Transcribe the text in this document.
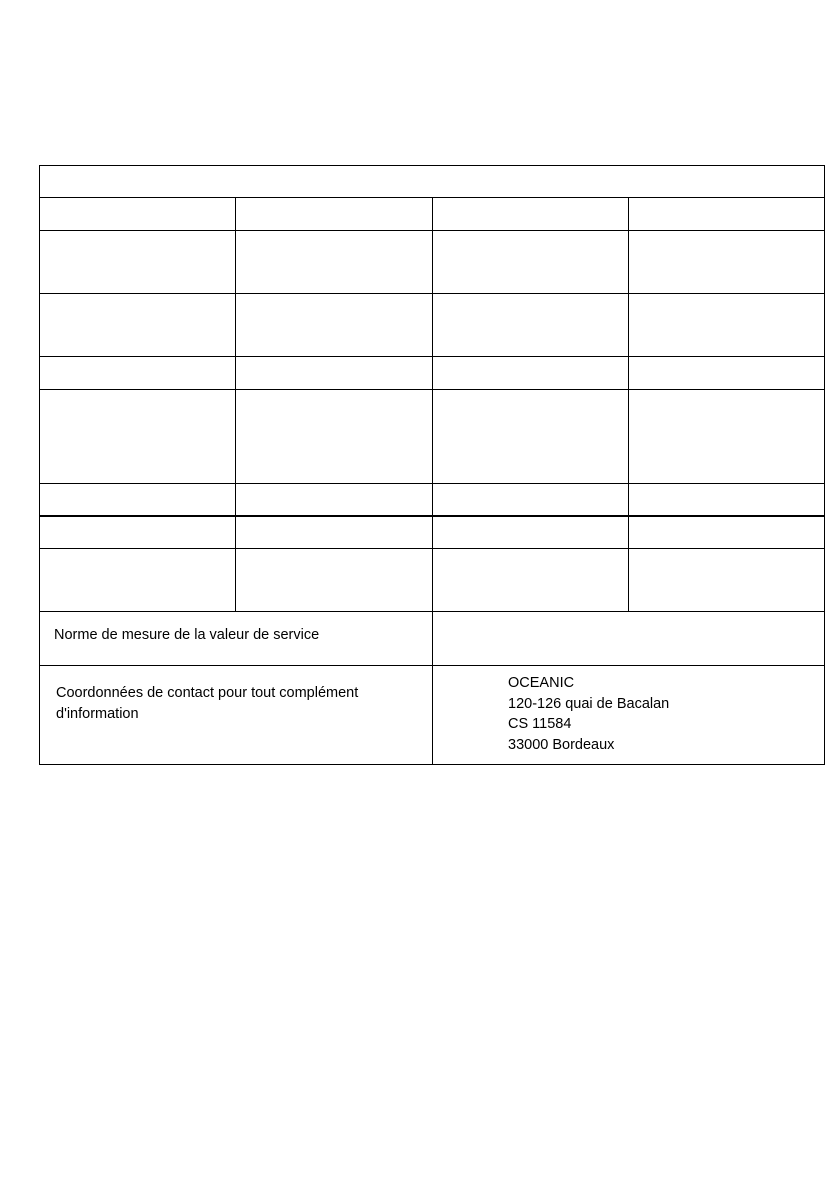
Norme de mesure de la valeur de service
Coordonnées de contact pour tout complément
d'information
OCEANIC
120-126 quai de Bacalan
CS 11584
33000 Bordeaux
